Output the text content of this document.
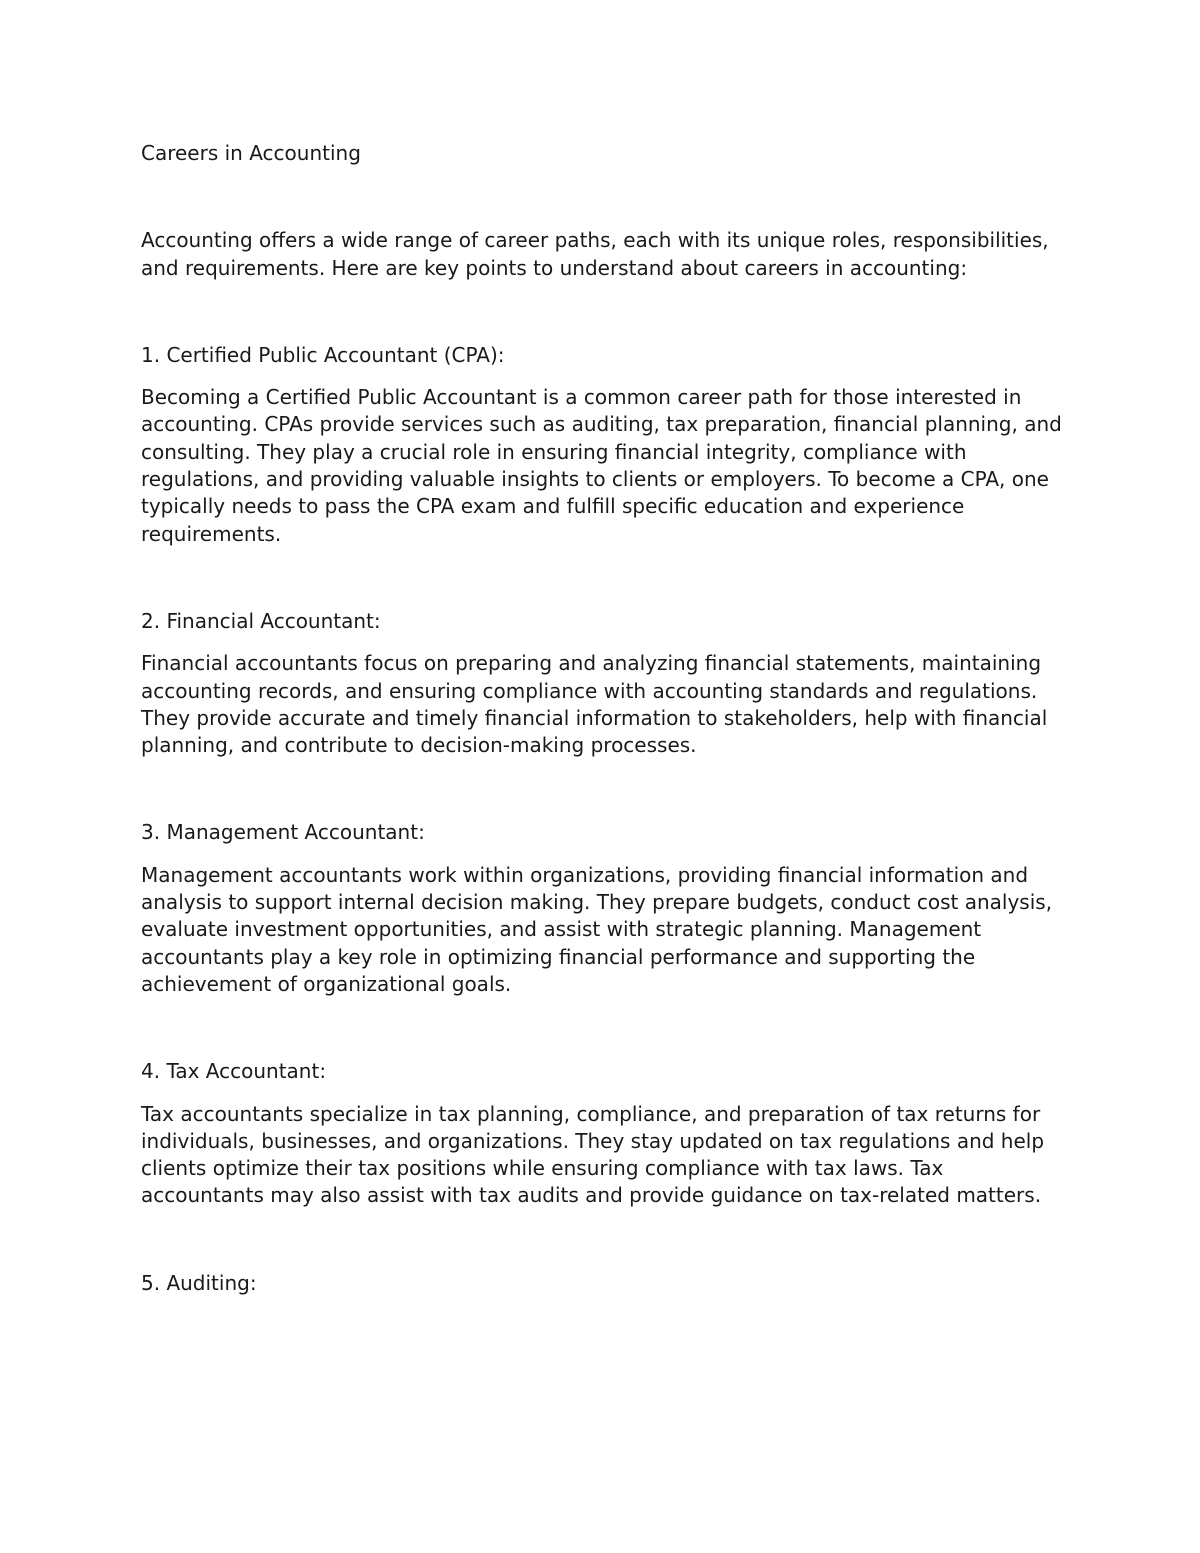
Careers in Accounting

Accounting offers a wide range of career paths, each with its unique roles, responsibilities, and requirements. Here are key points to understand about careers in accounting:

1. Certified Public Accountant (CPA):

Becoming a Certified Public Accountant is a common career path for those interested in accounting. CPAs provide services such as auditing, tax preparation, financial planning, and consulting. They play a crucial role in ensuring financial integrity, compliance with regulations, and providing valuable insights to clients or employers. To become a CPA, one typically needs to pass the CPA exam and fulfill specific education and experience requirements.

2. Financial Accountant:

Financial accountants focus on preparing and analyzing financial statements, maintaining accounting records, and ensuring compliance with accounting standards and regulations. They provide accurate and timely financial information to stakeholders, help with financial planning, and contribute to decision-making processes.

3. Management Accountant:

Management accountants work within organizations, providing financial information and analysis to support internal decision making. They prepare budgets, conduct cost analysis, evaluate investment opportunities, and assist with strategic planning. Management accountants play a key role in optimizing financial performance and supporting the achievement of organizational goals.

4. Tax Accountant:

Tax accountants specialize in tax planning, compliance, and preparation of tax returns for individuals, businesses, and organizations. They stay updated on tax regulations and help clients optimize their tax positions while ensuring compliance with tax laws. Tax accountants may also assist with tax audits and provide guidance on tax-related matters.

5. Auditing:
